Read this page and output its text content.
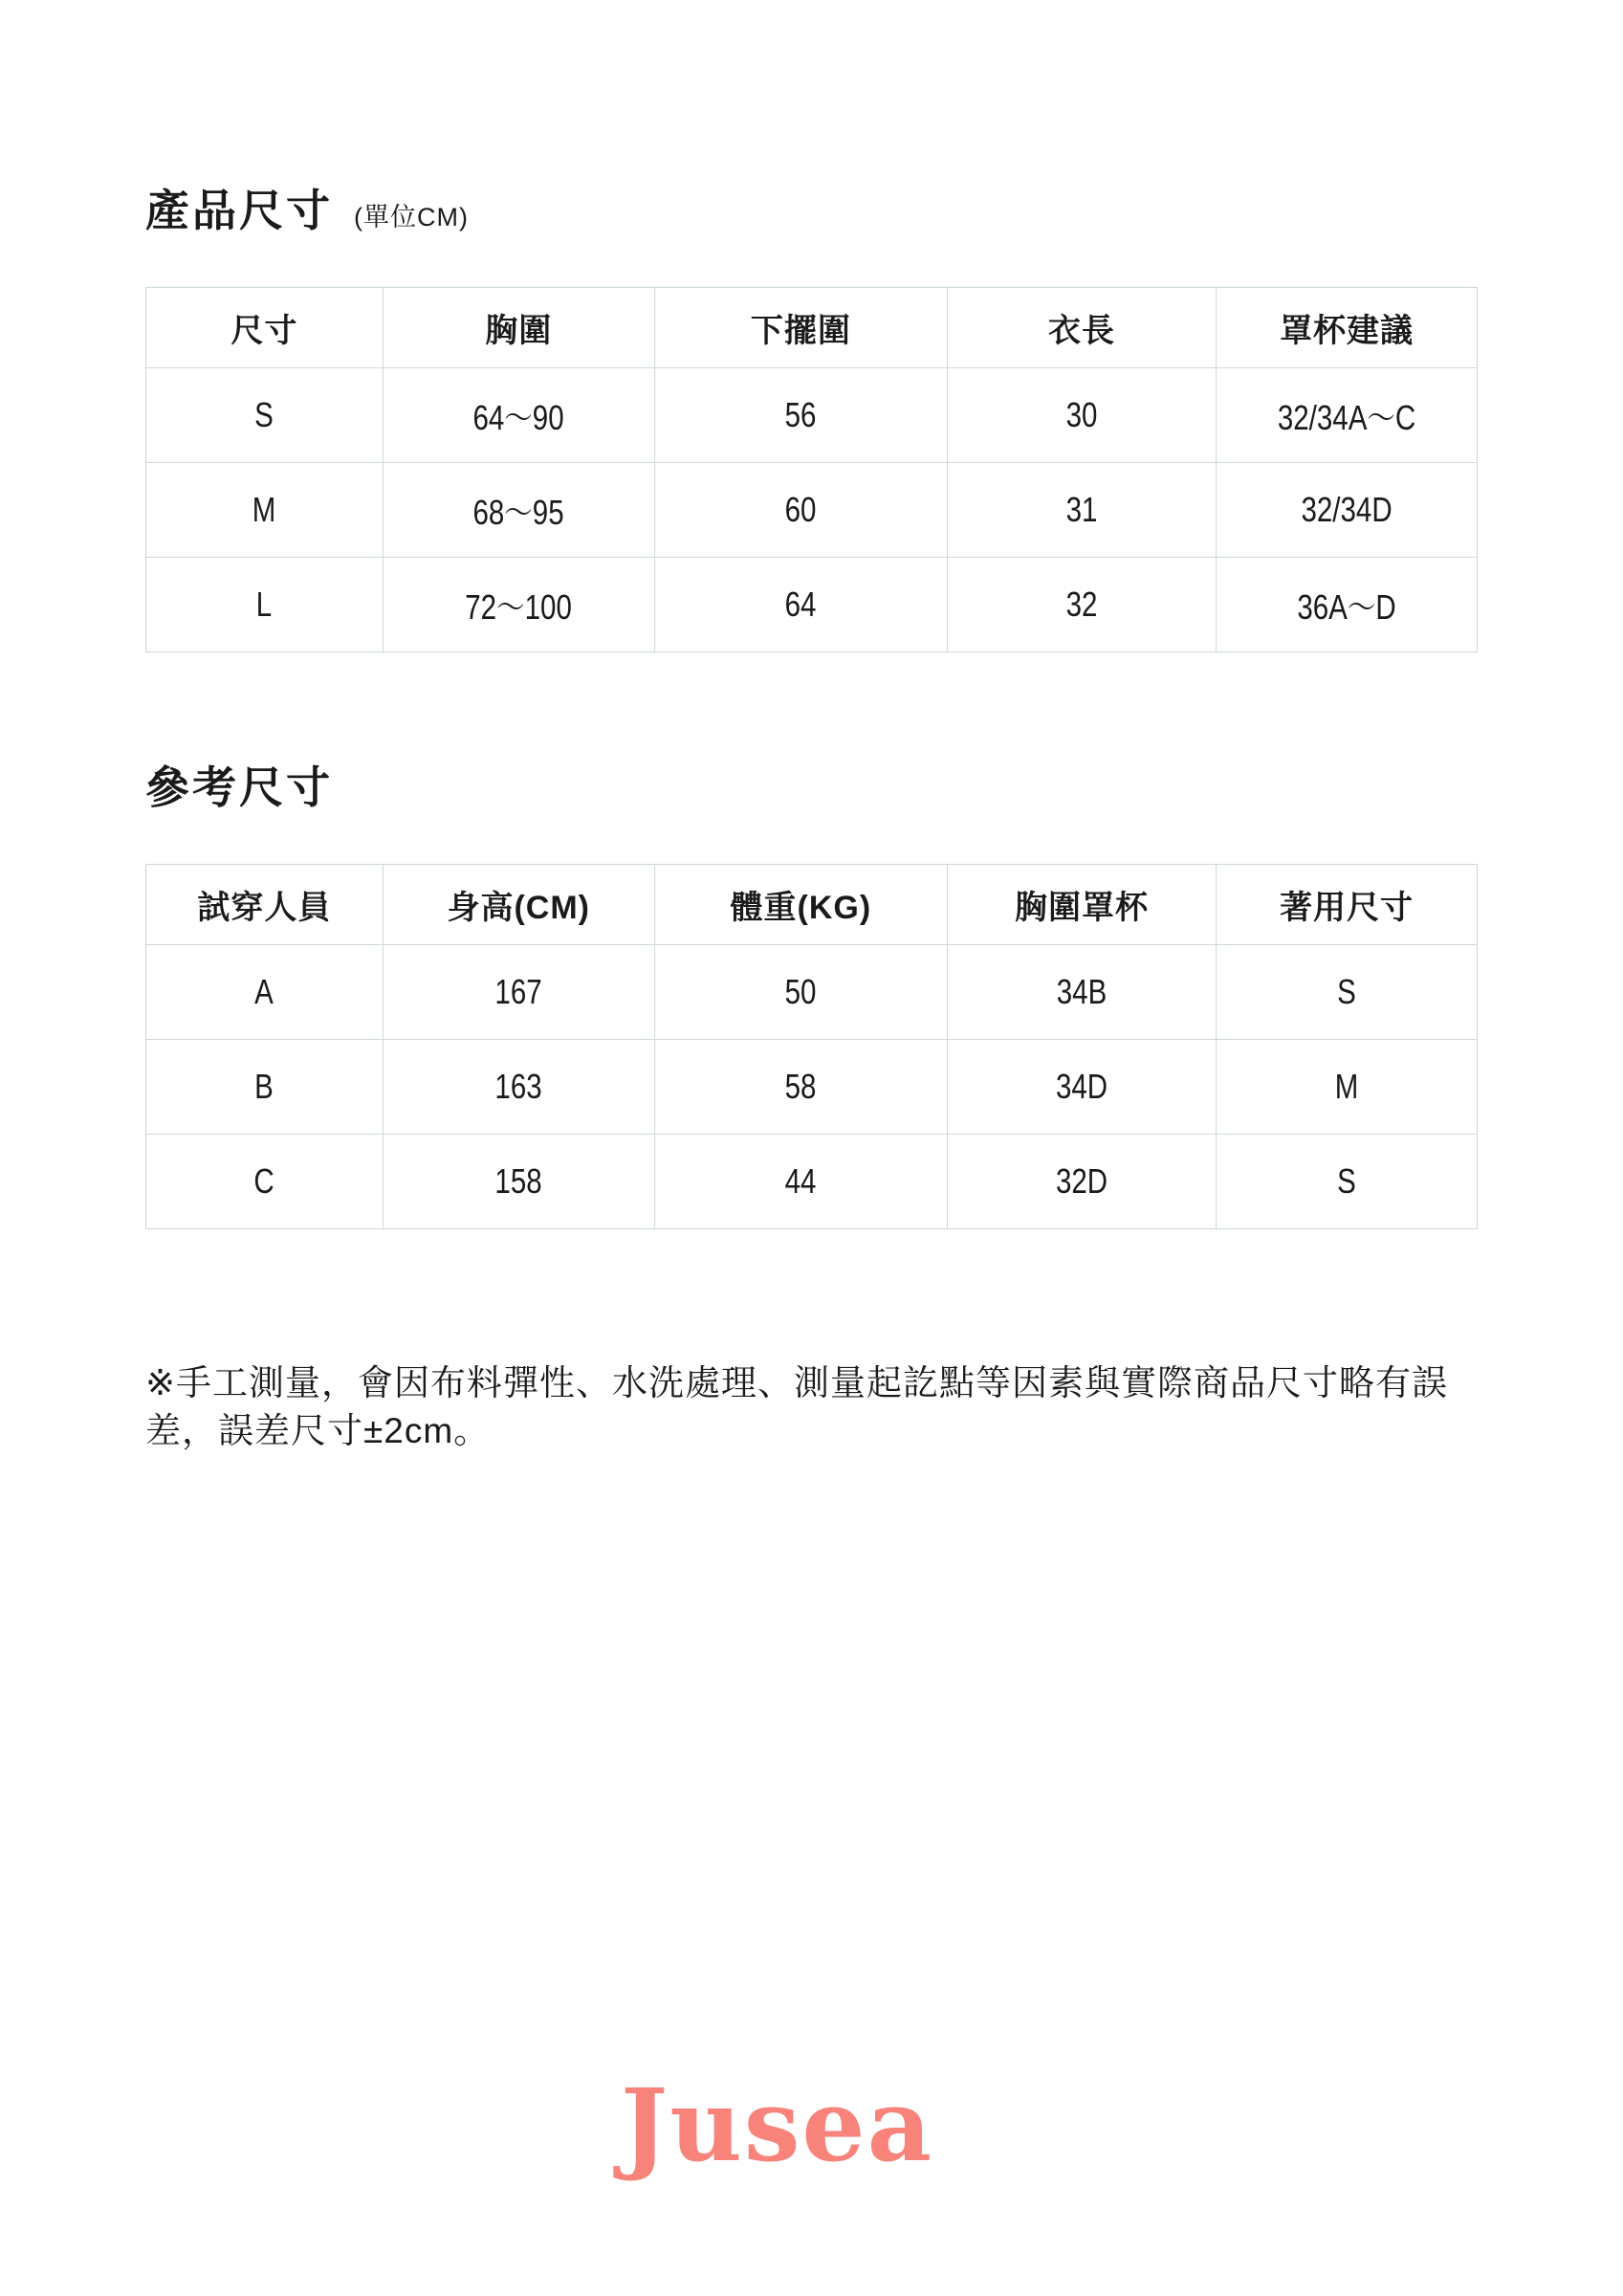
產品尺寸 (單位CM)
尺寸	胸圍	下擺圍	衣長	罩杯建議
S	64～90	56	30	32/34A～C
M	68～95	60	31	32/34D
L	72～100	64	32	36A～D
參考尺寸
試穿人員	身高(CM)	體重(KG)	胸圍罩杯	著用尺寸
A	167	50	34B	S
B	163	58	34D	M
C	158	44	32D	S

※手工測量，會因布料彈性、水洗處理、測量起訖點等因素與實際商品尺寸略有誤差，誤差尺寸±2cm。

Jusea
